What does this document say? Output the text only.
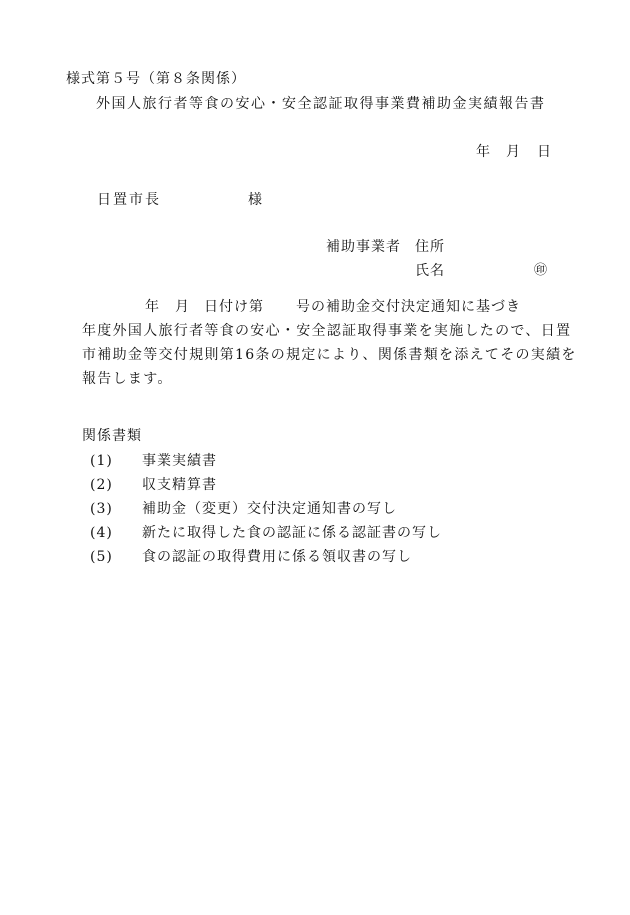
様式第５号（第８条関係）
外国人旅行者等食の安心・安全認証取得事業費補助金実績報告書
年 月 日
日置市長	様
補助事業者 住所
氏名	㊞
年 月 日付け第 号の補助金交付決定通知に基づき
年度外国人旅行者等食の安心・安全認証取得事業を実施したので、日置
市補助金等交付規則第16条の規定により、関係書類を添えてその実績を
報告します。
関係書類
(1) 事業実績書
(2) 収支精算書
(3) 補助金（変更）交付決定通知書の写し
(4) 新たに取得した食の認証に係る認証書の写し
(5) 食の認証の取得費用に係る領収書の写し
